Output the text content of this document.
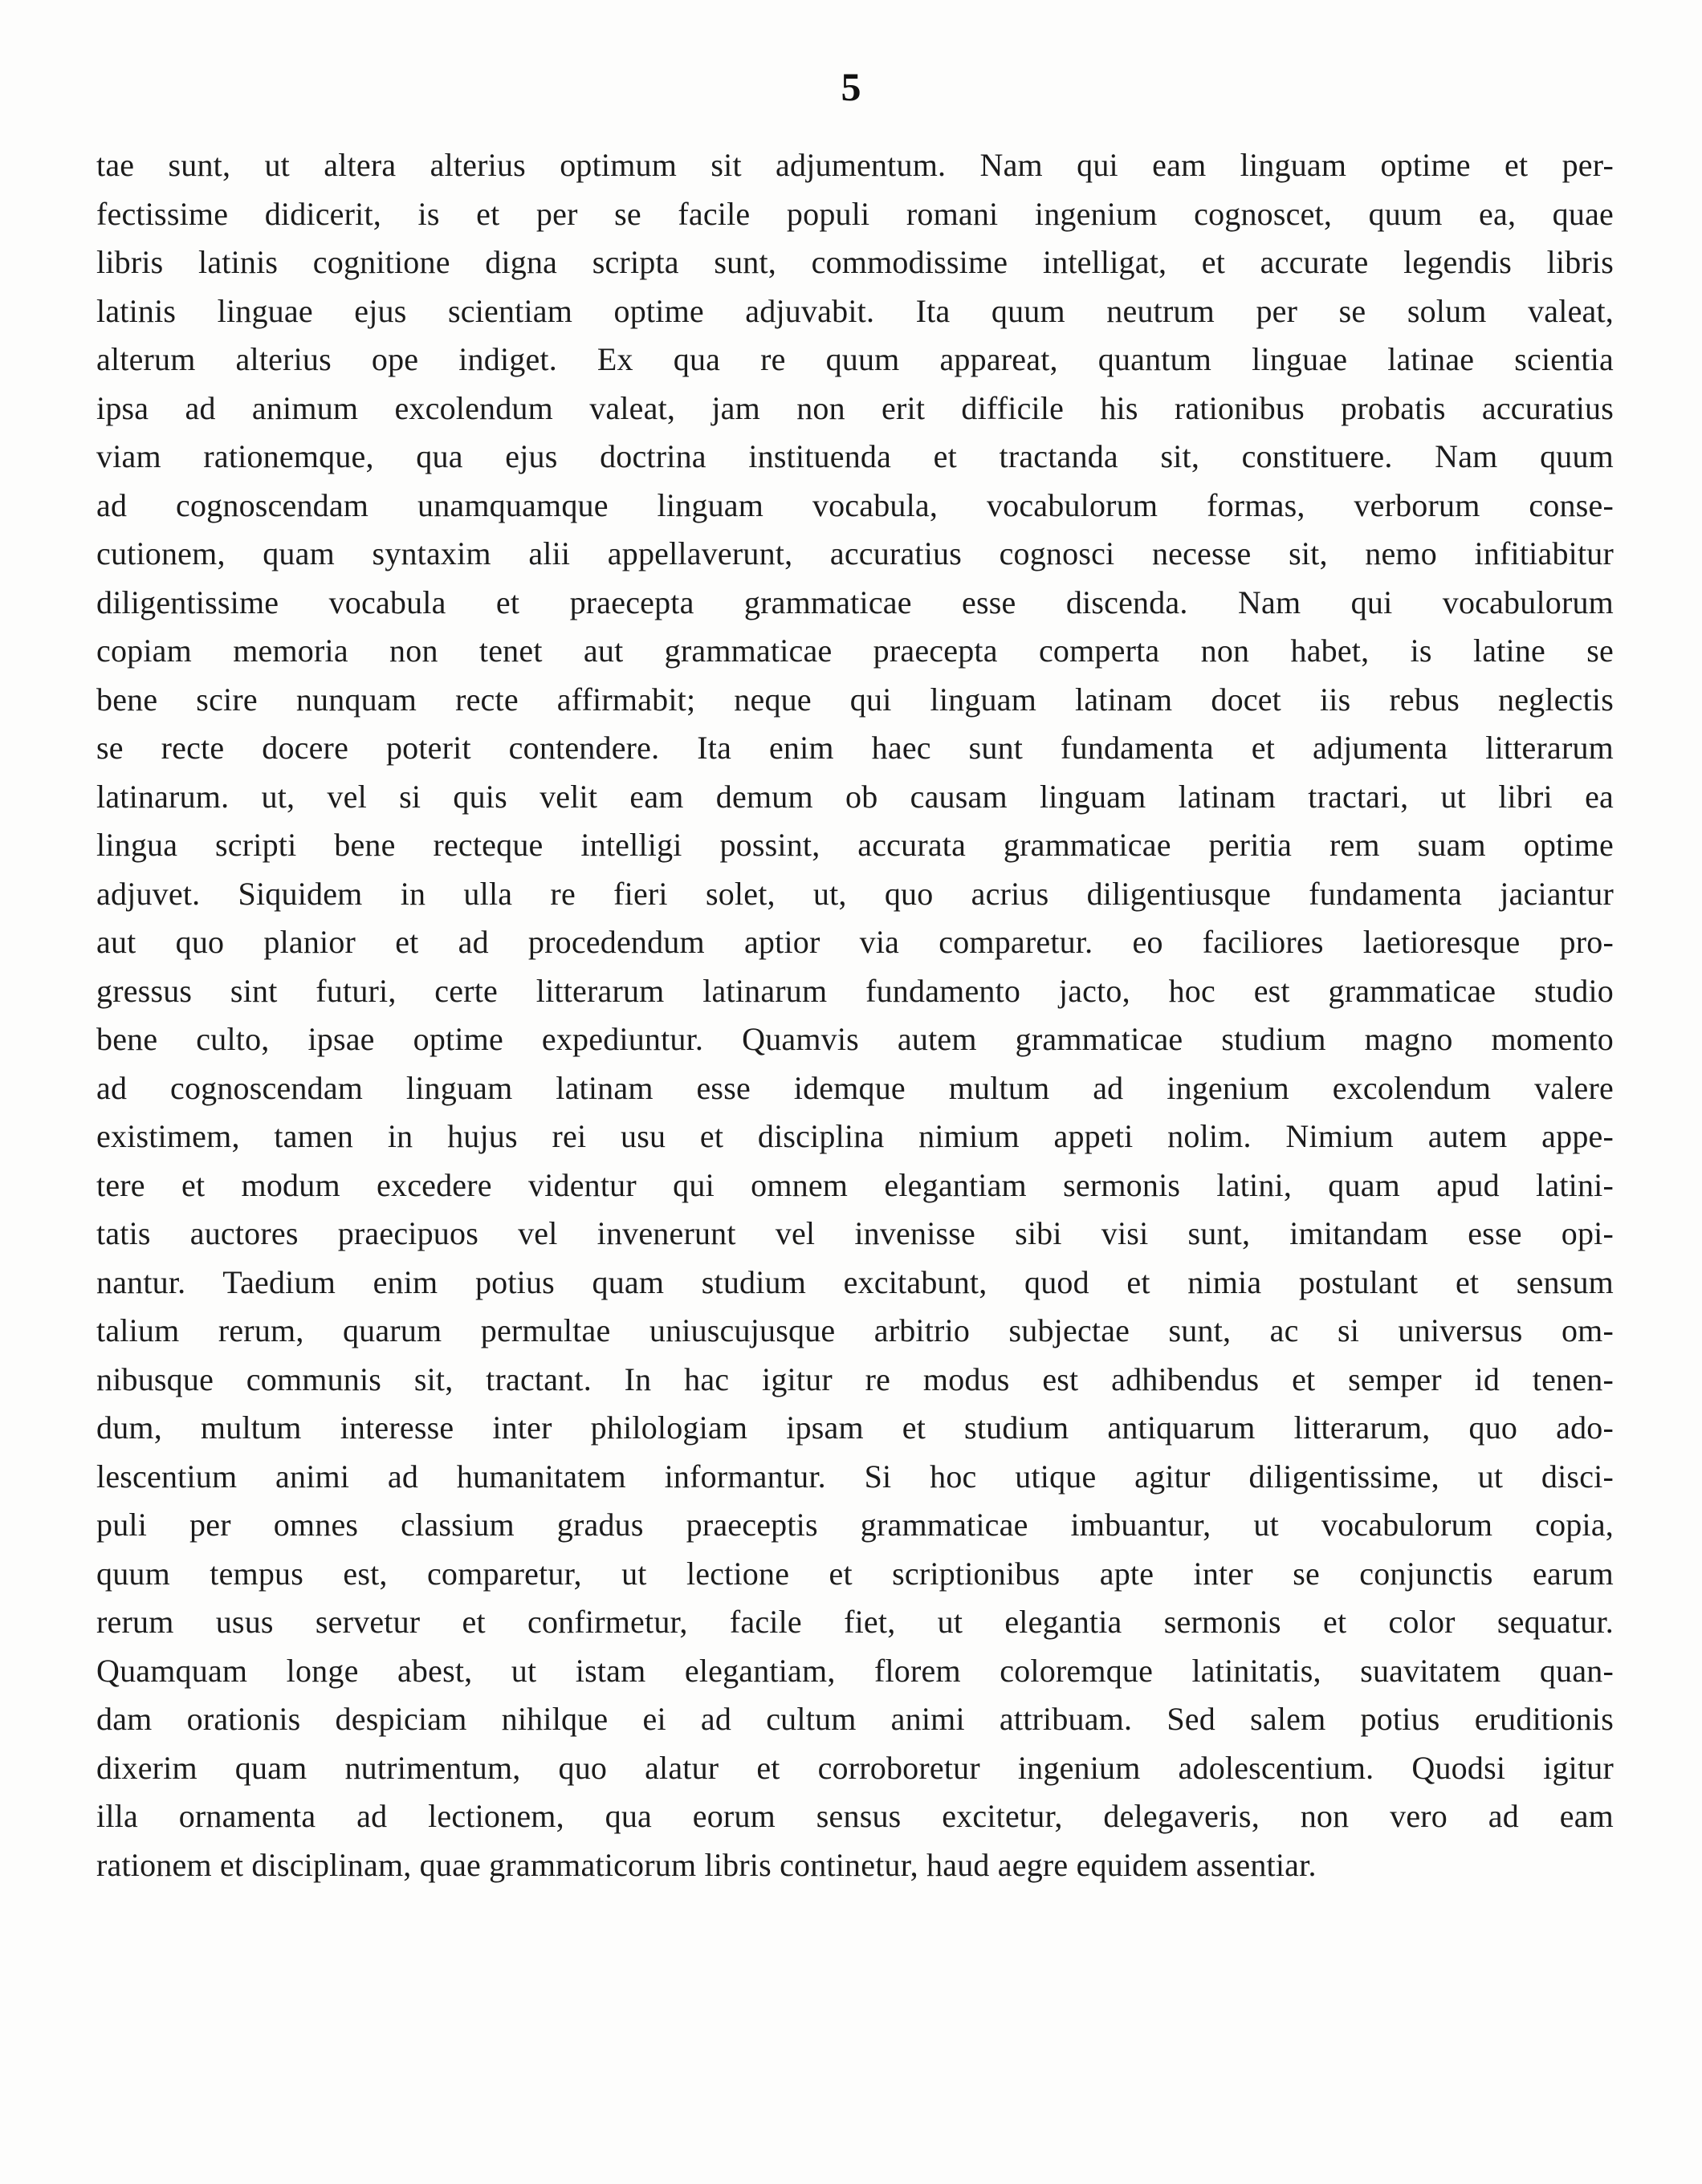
5
tae sunt, ut altera alterius optimum sit adjumentum. Nam qui eam linguam optime et per-
fectissime didicerit, is et per se facile populi romani ingenium cognoscet, quum ea, quae
libris latinis cognitione digna scripta sunt, commodissime intelligat, et accurate legendis libris
latinis linguae ejus scientiam optime adjuvabit. Ita quum neutrum per se solum valeat,
alterum alterius ope indiget. Ex qua re quum appareat, quantum linguae latinae scientia
ipsa ad animum excolendum valeat, jam non erit difficile his rationibus probatis accuratius
viam rationemque, qua ejus doctrina instituenda et tractanda sit, constituere. Nam quum
ad cognoscendam unamquamque linguam vocabula, vocabulorum formas, verborum conse-
cutionem, quam syntaxim alii appellaverunt, accuratius cognosci necesse sit, nemo infitiabitur
diligentissime vocabula et praecepta grammaticae esse discenda. Nam qui vocabulorum
copiam memoria non tenet aut grammaticae praecepta comperta non habet, is latine se
bene scire nunquam recte affirmabit; neque qui linguam latinam docet iis rebus neglectis
se recte docere poterit contendere. Ita enim haec sunt fundamenta et adjumenta litterarum
latinarum. ut, vel si quis velit eam demum ob causam linguam latinam tractari, ut libri ea
lingua scripti bene recteque intelligi possint, accurata grammaticae peritia rem suam optime
adjuvet. Siquidem in ulla re fieri solet, ut, quo acrius diligentiusque fundamenta jaciantur
aut quo planior et ad procedendum aptior via comparetur. eo faciliores laetioresque pro-
gressus sint futuri, certe litterarum latinarum fundamento jacto, hoc est grammaticae studio
bene culto, ipsae optime expediuntur. Quamvis autem grammaticae studium magno momento
ad cognoscendam linguam latinam esse idemque multum ad ingenium excolendum valere
existimem, tamen in hujus rei usu et disciplina nimium appeti nolim. Nimium autem appe-
tere et modum excedere videntur qui omnem elegantiam sermonis latini, quam apud latini-
tatis auctores praecipuos vel invenerunt vel invenisse sibi visi sunt, imitandam esse opi-
nantur. Taedium enim potius quam studium excitabunt, quod et nimia postulant et sensum
talium rerum, quarum permultae uniuscujusque arbitrio subjectae sunt, ac si universus om-
nibusque communis sit, tractant. In hac igitur re modus est adhibendus et semper id tenen-
dum, multum interesse inter philologiam ipsam et studium antiquarum litterarum, quo ado-
lescentium animi ad humanitatem informantur. Si hoc utique agitur diligentissime, ut disci-
puli per omnes classium gradus praeceptis grammaticae imbuantur, ut vocabulorum copia,
quum tempus est, comparetur, ut lectione et scriptionibus apte inter se conjunctis earum
rerum usus servetur et confirmetur, facile fiet, ut elegantia sermonis et color sequatur.
Quamquam longe abest, ut istam elegantiam, florem coloremque latinitatis, suavitatem quan-
dam orationis despiciam nihilque ei ad cultum animi attribuam. Sed salem potius eruditionis
dixerim quam nutrimentum, quo alatur et corroboretur ingenium adolescentium. Quodsi igitur
illa ornamenta ad lectionem, qua eorum sensus excitetur, delegaveris, non vero ad eam
rationem et disciplinam, quae grammaticorum libris continetur, haud aegre equidem assentiar.
